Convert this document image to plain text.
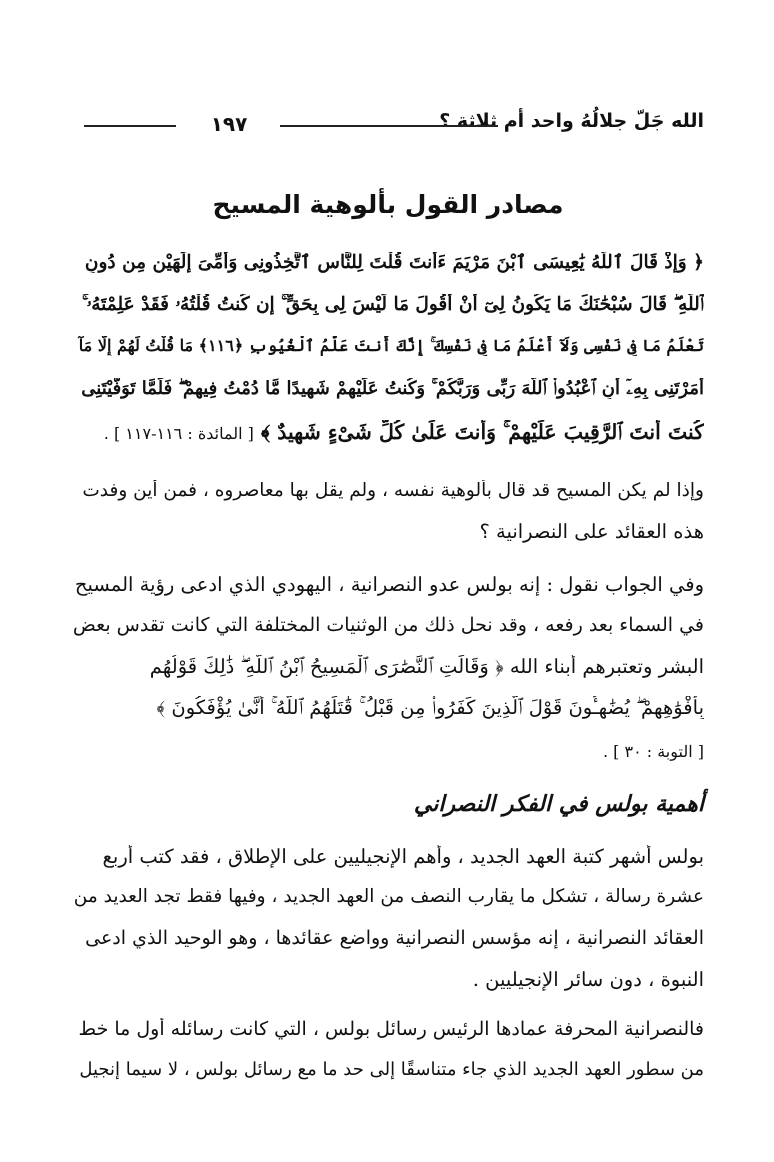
الله جَلّ جلالُهُ واحد أم ثلاثة ؟
١٩٧
مصادر القول بألوهية المسيح
﴿ وَإِذْ قَالَ ٱللَّهُ يَٰعِيسَى ٱبْنَ مَرْيَمَ ءَأَنتَ قُلْتَ لِلنَّاسِ ٱتَّخِذُونِى وَأُمِّىَ إِلَٰهَيْنِ مِن دُونِ
ٱللَّهِ ۖ قَالَ سُبْحَٰنَكَ مَا يَكُونُ لِىٓ أَنْ أَقُولَ مَا لَيْسَ لِى بِحَقٍّ ۚ إِن كُنتُ قُلْتُهُۥ فَقَدْ عَلِمْتَهُۥ ۚ
تَعْلَمُ مَا فِى نَفْسِى وَلَآ أَعْلَمُ مَا فِى نَفْسِكَ ۚ إِنَّكَ أَنتَ عَلَّٰمُ ٱلْغُيُوبِ ﴿١١٦﴾ مَا قُلْتُ لَهُمْ إِلَّا مَآ
أَمَرْتَنِى بِهِۦٓ أَنِ ٱعْبُدُوا۟ ٱللَّهَ رَبِّى وَرَبَّكُمْ ۚ وَكُنتُ عَلَيْهِمْ شَهِيدًا مَّا دُمْتُ فِيهِمْ ۖ فَلَمَّا تَوَفَّيْتَنِى
كُنتَ أَنتَ ٱلرَّقِيبَ عَلَيْهِمْ ۚ وَأَنتَ عَلَىٰ كُلِّ شَىْءٍ شَهِيدٌ ﴾ [ المائدة : ١١٦-١١٧ ] .
وإذا لم يكن المسيح قد قال بألوهية نفسه ، ولم يقل بها معاصروه ، فمن أين وفدت
هذه العقائد على النصرانية ؟
وفي الجواب نقول : إنه بولس عدو النصرانية ، اليهودي الذي ادعى رؤية المسيح
في السماء بعد رفعه ، وقد نحل ذلك من الوثنيات المختلفة التي كانت تقدس بعض
البشر وتعتبرهم أبناء الله ﴿ وَقَالَتِ ٱلنَّصَٰرَى ٱلْمَسِيحُ ٱبْنُ ٱللَّهِ ۖ ذَٰلِكَ قَوْلُهُم
بِأَفْوَٰهِهِمْ ۖ يُضَٰهِـُٔونَ قَوْلَ ٱلَّذِينَ كَفَرُوا۟ مِن قَبْلُ ۚ قَٰتَلَهُمُ ٱللَّهُ ۚ أَنَّىٰ يُؤْفَكُونَ ﴾
[ التوبة : ٣٠ ] .
أهمية بولس في الفكر النصراني
بولس أشهر كتبة العهد الجديد ، وأهم الإنجيليين على الإطلاق ، فقد كتب أربع
عشرة رسالة ، تشكل ما يقارب النصف من العهد الجديد ، وفيها فقط تجد العديد من
العقائد النصرانية ، إنه مؤسس النصرانية وواضع عقائدها ، وهو الوحيد الذي ادعى
النبوة ، دون سائر الإنجيليين .
فالنصرانية المحرفة عمادها الرئيس رسائل بولس ، التي كانت رسائله أول ما خط
من سطور العهد الجديد الذي جاء متناسقًا إلى حد ما مع رسائل بولس ، لا سيما إنجيل
